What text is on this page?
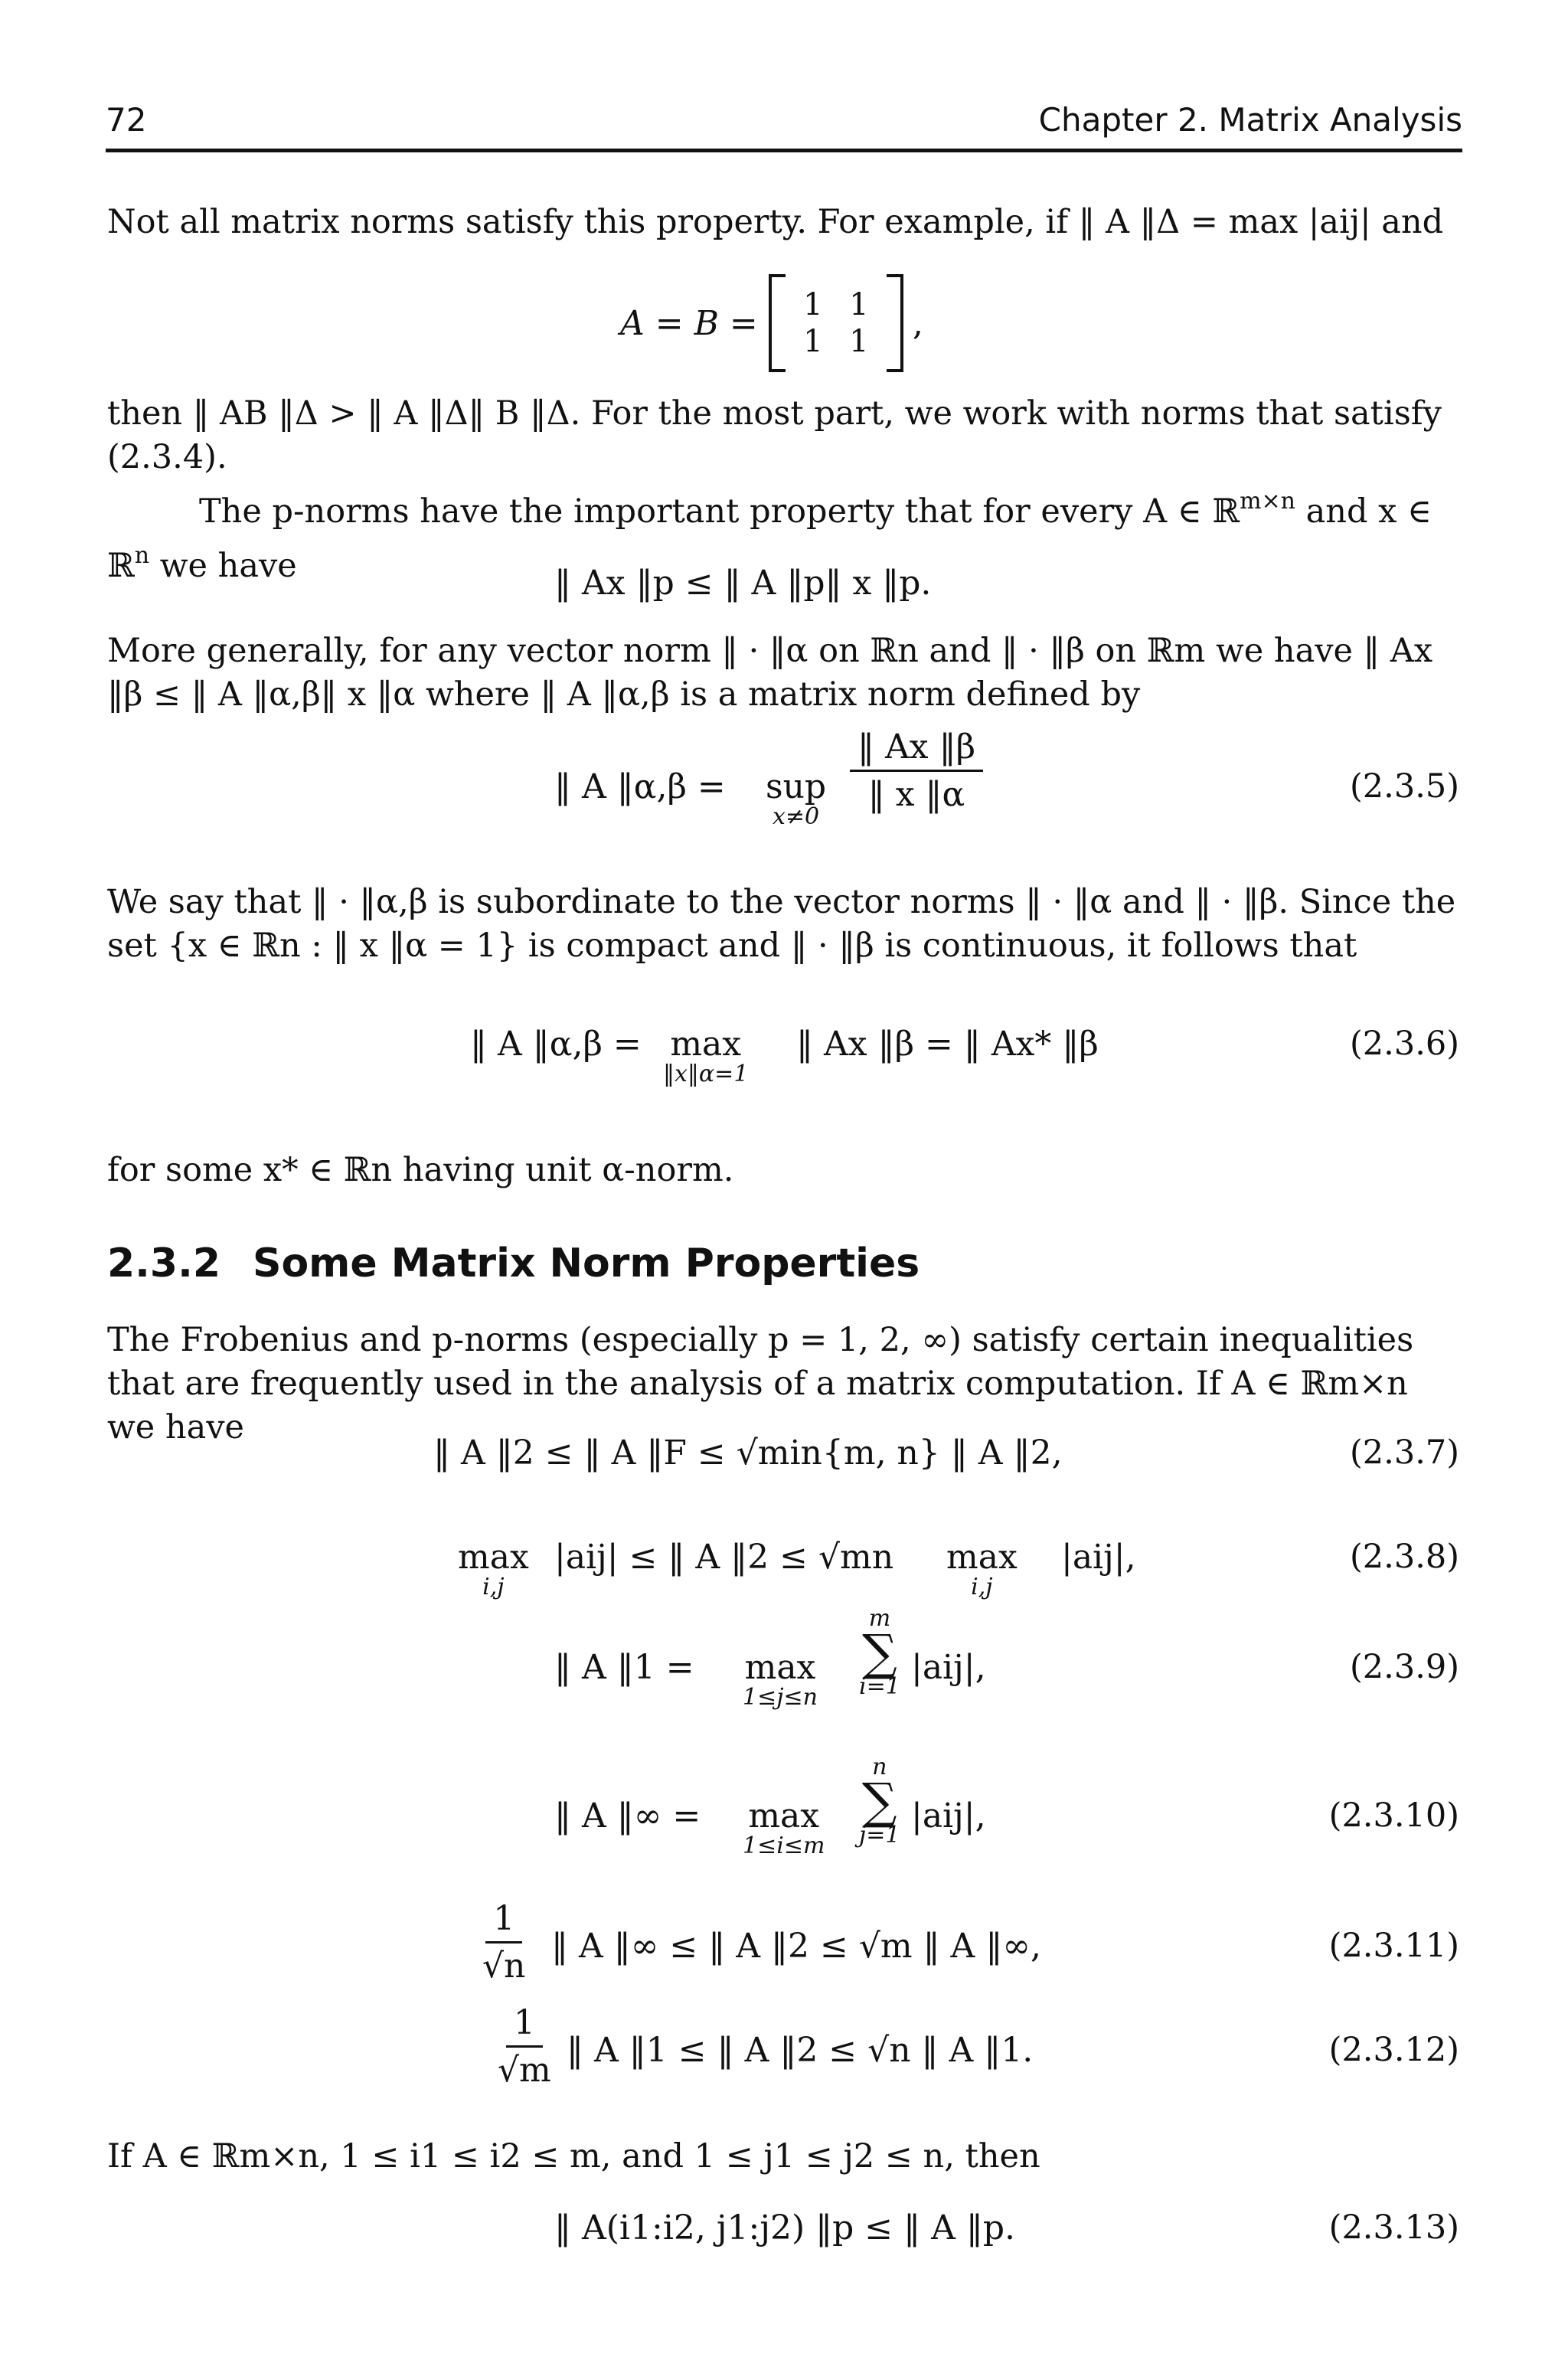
72	Chapter 2. Matrix Analysis
Not all matrix norms satisfy this property. For example, if ‖ A ‖Δ = max |aij| and
A = B =	1 1
1 1	,
then ‖ AB ‖Δ > ‖ A ‖Δ‖ B ‖Δ. For the most part, we work with norms that satisfy (2.3.4).
The p-norms have the important property that for every A ∈ ℝ$^{m\times n}$ and x ∈ ℝ$^n$ we have	‖ Ax ‖p ≤ ‖ A ‖p‖ x ‖p.
More generally, for any vector norm ‖ · ‖α on ℝn and ‖ · ‖β on ℝm we have ‖ Ax ‖β ≤ ‖ A ‖α,β‖ x ‖α where ‖ A ‖α,β is a matrix norm defined by
‖ A ‖α,β = sup
x≠0
$\frac{‖ Ax ‖\beta}{‖ x ‖\alpha}$	(2.3.5)
We say that ‖ · ‖α,β is subordinate to the vector norms ‖ · ‖α and ‖ · ‖β. Since the set {x ∈ ℝn : ‖ x ‖α = 1} is compact and ‖ · ‖β is continuous, it follows that
‖ A ‖α,β = max
‖x‖α=1
‖ Ax ‖β = ‖ Ax* ‖β	(2.3.6)
for some x* ∈ ℝn having unit α-norm.
2.3.2 Some Matrix Norm Properties
The Frobenius and p-norms (especially p = 1, 2, ∞) satisfy certain inequalities that are frequently used in the analysis of a matrix computation. If A ∈ ℝm×n we have
‖ A ‖2 ≤ ‖ A ‖F ≤ √min{m, n} ‖ A ‖2,	(2.3.7)
max
i,j
|aij| ≤ ‖ A ‖2 ≤ √mn max
i,j
|aij|,	(2.3.8)
‖ A ‖1 = max
1≤j≤n
m
∑
i=1 |aij|,	(2.3.9)
‖ A ‖∞ = max
1≤i≤m
n
∑
j=1 |aij|,	(2.3.10)
$\frac{1}{√n}$ ‖ A ‖∞ ≤ ‖ A ‖2 ≤ √m ‖ A ‖∞,	(2.3.11)
$\frac{1}{√m}$ ‖ A ‖1 ≤ ‖ A ‖2 ≤ √n ‖ A ‖1.	(2.3.12)
If A ∈ ℝm×n, 1 ≤ i1 ≤ i2 ≤ m, and 1 ≤ j1 ≤ j2 ≤ n, then
‖ A(i1:i2, j1:j2) ‖p ≤ ‖ A ‖p.	(2.3.13)
